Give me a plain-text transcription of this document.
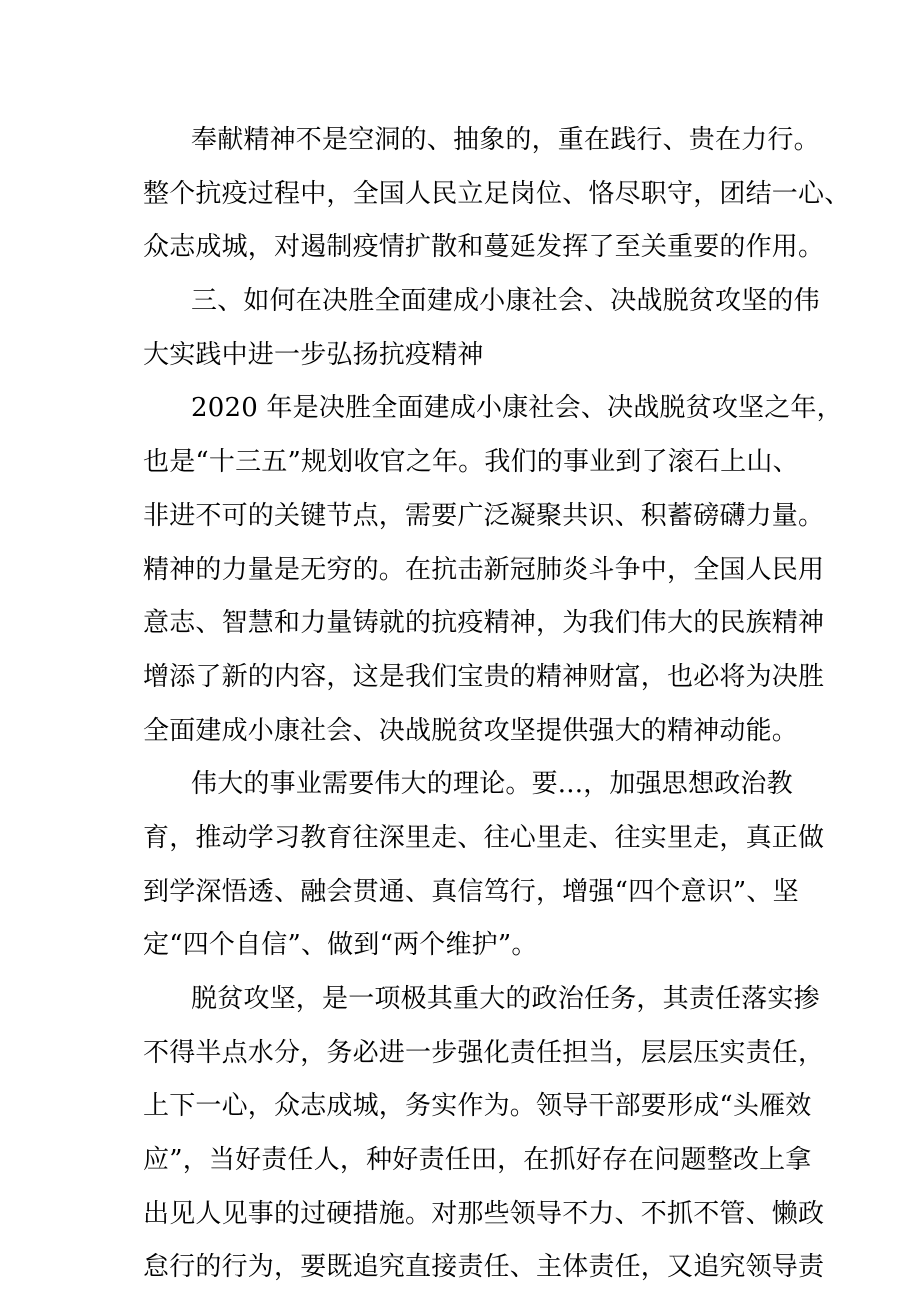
奉献精神不是空洞的、抽象的，重在践行、贵在力行。
整个抗疫过程中，全国人民立足岗位、恪尽职守，团结一心、
众志成城，对遏制疫情扩散和蔓延发挥了至关重要的作用。
三、如何在决胜全面建成小康社会、决战脱贫攻坚的伟
大实践中进一步弘扬抗疫精神
2020 年是决胜全面建成小康社会、决战脱贫攻坚之年，
也是“十三五”规划收官之年。我们的事业到了滚石上山、
非进不可的关键节点，需要广泛凝聚共识、积蓄磅礴力量。
精神的力量是无穷的。在抗击新冠肺炎斗争中，全国人民用
意志、智慧和力量铸就的抗疫精神，为我们伟大的民族精神
增添了新的内容，这是我们宝贵的精神财富，也必将为决胜
全面建成小康社会、决战脱贫攻坚提供强大的精神动能。
伟大的事业需要伟大的理论。要...，加强思想政治教
育，推动学习教育往深里走、往心里走、往实里走，真正做
到学深悟透、融会贯通、真信笃行，增强“四个意识”、坚
定“四个自信”、做到“两个维护”。
脱贫攻坚，是一项极其重大的政治任务，其责任落实掺
不得半点水分，务必进一步强化责任担当，层层压实责任，
上下一心，众志成城，务实作为。领导干部要形成“头雁效
应”，当好责任人，种好责任田，在抓好存在问题整改上拿
出见人见事的过硬措施。对那些领导不力、不抓不管、懒政
怠行的行为，要既追究直接责任、主体责任，又追究领导责
